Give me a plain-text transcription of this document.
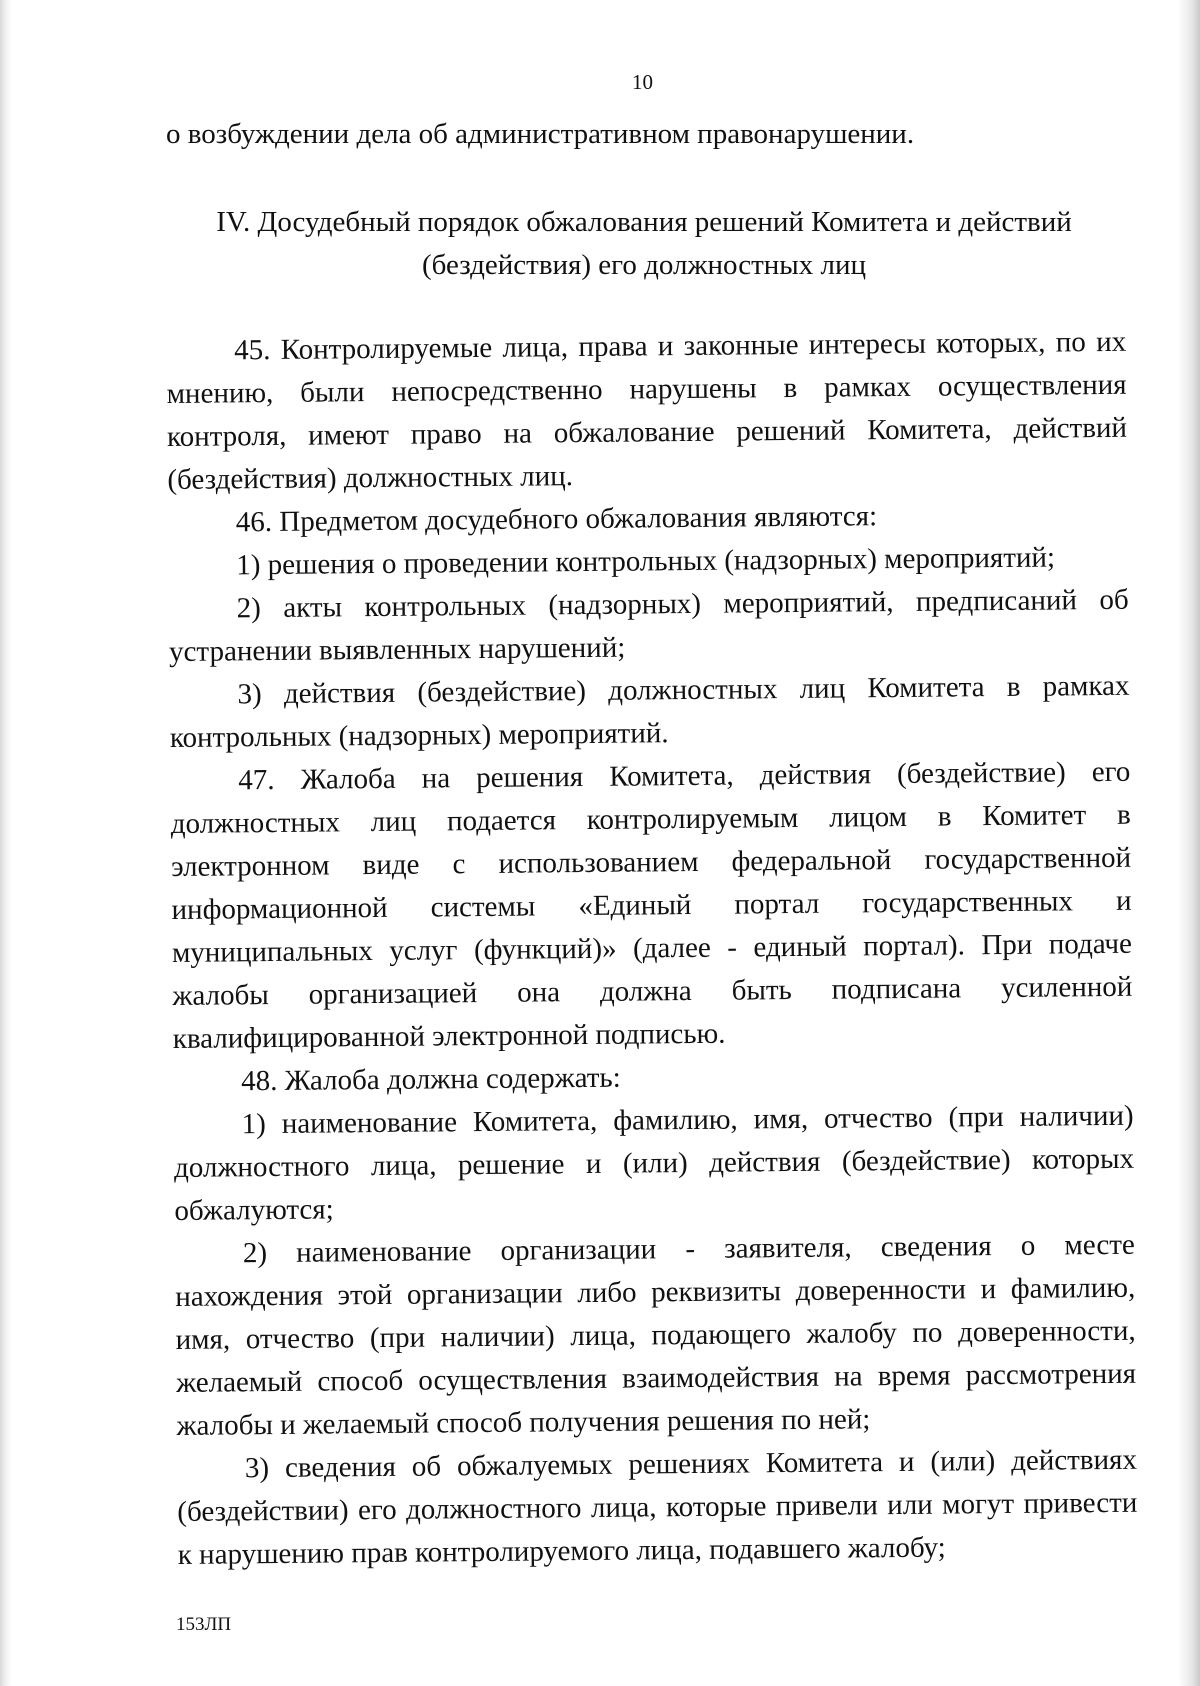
10
о возбуждении дела об административном правонарушении.
IV. Досудебный порядок обжалования решений Комитета и действий
(бездействия) его должностных лиц

45. Контролируемые лица, права и законные интересы которых, по их мнению, были непосредственно нарушены в рамках осуществления контроля, имеют право на обжалование решений Комитета, действий (бездействия) должностных лиц.

46. Предметом досудебного обжалования являются:

1) решения о проведении контрольных (надзорных) мероприятий;

2) акты контрольных (надзорных) мероприятий, предписаний об устранении выявленных нарушений;

3) действия (бездействие) должностных лиц Комитета в рамках контрольных (надзорных) мероприятий.

47. Жалоба на решения Комитета, действия (бездействие) его должностных лиц подается контролируемым лицом в Комитет в электронном виде с использованием федеральной государственной информационной системы «Единый портал государственных и муниципальных услуг (функций)» (далее - единый портал). При подаче жалобы организацией она должна быть подписана усиленной квалифицированной электронной подписью.

48. Жалоба должна содержать:

1) наименование Комитета, фамилию, имя, отчество (при наличии) должностного лица, решение и (или) действия (бездействие) которых обжалуются;

2) наименование организации - заявителя, сведения о месте нахождения этой организации либо реквизиты доверенности и фамилию, имя, отчество (при наличии) лица, подающего жалобу по доверенности, желаемый способ осуществления взаимодействия на время рассмотрения жалобы и желаемый способ получения решения по ней;

3) сведения об обжалуемых решениях Комитета и (или) действиях (бездействии) его должностного лица, которые привели или могут привести к нарушению прав контролируемого лица, подавшего жалобу;

153ЛП
